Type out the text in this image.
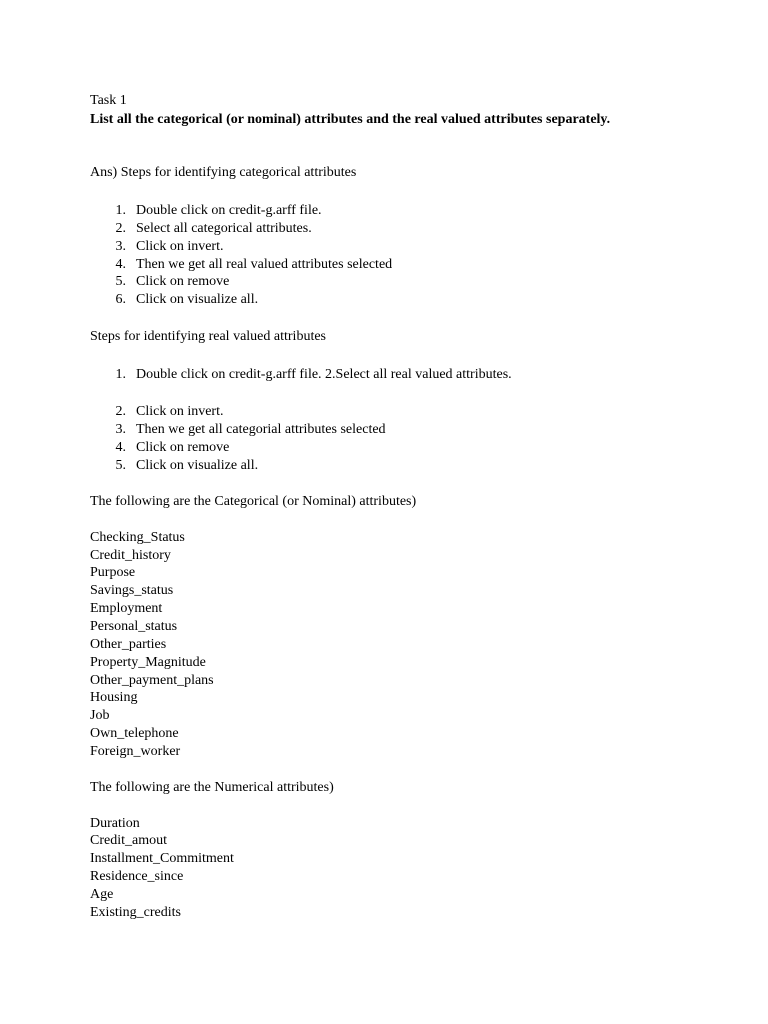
Task 1
List all the categorical (or nominal) attributes and the real valued attributes separately.
Ans) Steps for identifying categorical attributes
1 . Double click on credit-g.arff file.
2 . Select all categorical attributes.
3 . Click on invert.
4 . Then we get all real valued attributes selected
5 . Click on remove
6 . Click on visualize all.
Steps for identifying real valued attributes
1 . Double click on credit-g.arff file. 2.Select all real valued attributes.
2 . Click on invert.
3 . Then we get all categorial attributes selected
4 . Click on remove
5 . Click on visualize all.
The following are the Categorical (or Nominal) attributes)
Checking_Status
Credit_history
Purpose
Savings_status
Employment
Personal_status
Other_parties
Property_Magnitude
Other_payment_plans
Housing
Job
Own_telephone
Foreign_worker
The following are the Numerical attributes)
Duration
Credit_amout
Installment_Commitment
Residence_since
Age
Existing_credits
